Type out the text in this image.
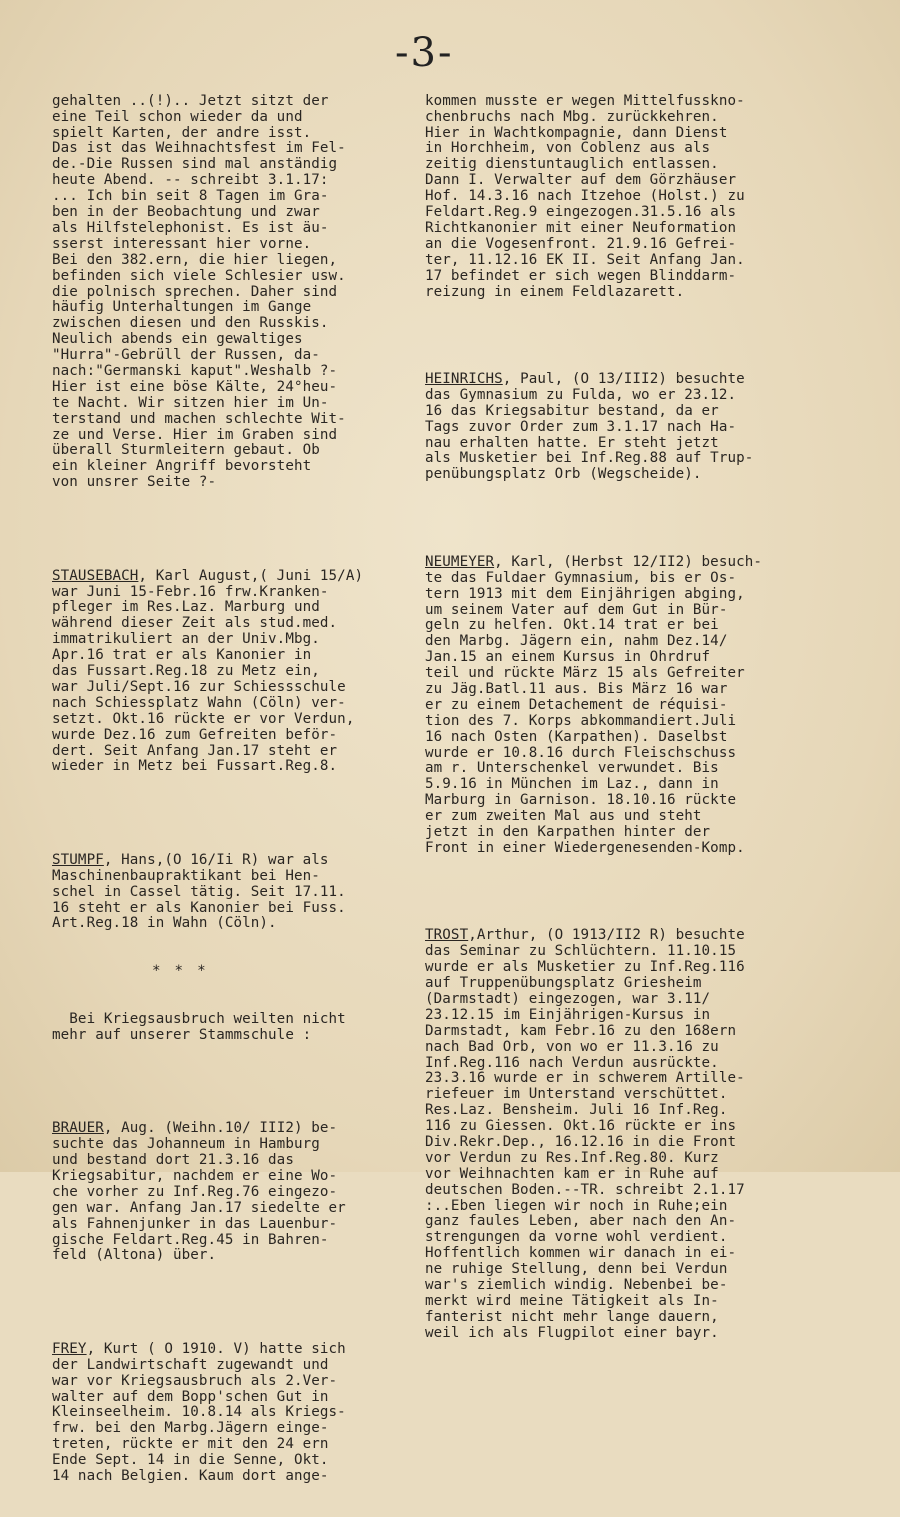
-3-

gehalten ..(!).. Jetzt sitzt der
eine Teil schon wieder da und
spielt Karten, der andre isst.
Das ist das Weihnachtsfest im Fel-
de.-Die Russen sind mal anständig
heute Abend. -- schreibt 3.1.17:
... Ich bin seit 8 Tagen im Gra-
ben in der Beobachtung und zwar
als Hilfstelephonist. Es ist äu-
sserst interessant hier vorne.
Bei den 382.ern, die hier liegen,
befinden sich viele Schlesier usw.
die polnisch sprechen. Daher sind
häufig Unterhaltungen im Gange
zwischen diesen und den Russkis.
Neulich abends ein gewaltiges
"Hurra"-Gebrüll der Russen, da-
nach:"Germanski kaput".Weshalb ?-
Hier ist eine böse Kälte, 24°heu-
te Nacht. Wir sitzen hier im Un-
terstand und machen schlechte Wit-
ze und Verse. Hier im Graben sind
überall Sturmleitern gebaut. Ob
ein kleiner Angriff bevorsteht
von unsrer Seite ?-

STAUSEBACH, Karl August,( Juni 15/A)
war Juni 15-Febr.16 frw.Kranken-
pfleger im Res.Laz. Marburg und
während dieser Zeit als stud.med.
immatrikuliert an der Univ.Mbg.
Apr.16 trat er als Kanonier in
das Fussart.Reg.18 zu Metz ein,
war Juli/Sept.16 zur Schiessschule
nach Schiessplatz Wahn (Cöln) ver-
setzt. Okt.16 rückte er vor Verdun,
wurde Dez.16 zum Gefreiten beför-
dert. Seit Anfang Jan.17 steht er
wieder in Metz bei Fussart.Reg.8.

STUMPF, Hans,(O 16/Ii R) war als
Maschinenbaupraktikant bei Hen-
schel in Cassel tätig. Seit 17.11.
16 steht er als Kanonier bei Fuss.
Art.Reg.18 in Wahn (Cöln).

***

Bei Kriegsausbruch weilten nicht
mehr auf unserer Stammschule :

BRAUER, Aug. (Weihn.10/ III2) be-
suchte das Johanneum in Hamburg
und bestand dort 21.3.16 das
Kriegsabitur, nachdem er eine Wo-
che vorher zu Inf.Reg.76 eingezo-
gen war. Anfang Jan.17 siedelte er
als Fahnenjunker in das Lauenbur-
gische Feldart.Reg.45 in Bahren-
feld (Altona) über.

FREY, Kurt ( O 1910. V) hatte sich
der Landwirtschaft zugewandt und
war vor Kriegsausbruch als 2.Ver-
walter auf dem Bopp'schen Gut in
Kleinseelheim. 10.8.14 als Kriegs-
frw. bei den Marbg.Jägern einge-
treten, rückte er mit den 24 ern
Ende Sept. 14 in die Senne, Okt.
14 nach Belgien. Kaum dort ange-

kommen musste er wegen Mittelfusskno-
chenbruchs nach Mbg. zurückkehren.
Hier in Wachtkompagnie, dann Dienst
in Horchheim, von Coblenz aus als
zeitig dienstuntauglich entlassen.
Dann I. Verwalter auf dem Görzhäuser
Hof. 14.3.16 nach Itzehoe (Holst.) zu
Feldart.Reg.9 eingezogen.31.5.16 als
Richtkanonier mit einer Neuformation
an die Vogesenfront. 21.9.16 Gefrei-
ter, 11.12.16 EK II. Seit Anfang Jan.
17 befindet er sich wegen Blinddarm-
reizung in einem Feldlazarett.

HEINRICHS, Paul, (O 13/III2) besuchte
das Gymnasium zu Fulda, wo er 23.12.
16 das Kriegsabitur bestand, da er
Tags zuvor Order zum 3.1.17 nach Ha-
nau erhalten hatte. Er steht jetzt
als Musketier bei Inf.Reg.88 auf Trup-
penübungsplatz Orb (Wegscheide).

NEUMEYER, Karl, (Herbst 12/II2) besuch-
te das Fuldaer Gymnasium, bis er Os-
tern 1913 mit dem Einjährigen abging,
um seinem Vater auf dem Gut in Bür-
geln zu helfen. Okt.14 trat er bei
den Marbg. Jägern ein, nahm Dez.14/
Jan.15 an einem Kursus in Ohrdruf
teil und rückte März 15 als Gefreiter
zu Jäg.Batl.11 aus. Bis März 16 war
er zu einem Detachement de réquisi-
tion des 7. Korps abkommandiert.Juli
16 nach Osten (Karpathen). Daselbst
wurde er 10.8.16 durch Fleischschuss
am r. Unterschenkel verwundet. Bis
5.9.16 in München im Laz., dann in
Marburg in Garnison. 18.10.16 rückte
er zum zweiten Mal aus und steht
jetzt in den Karpathen hinter der
Front in einer Wiedergenesenden-Komp.

TROST,Arthur, (O 1913/II2 R) besuchte
das Seminar zu Schlüchtern. 11.10.15
wurde er als Musketier zu Inf.Reg.116
auf Truppenübungsplatz Griesheim
(Darmstadt) eingezogen, war 3.11/
23.12.15 im Einjährigen-Kursus in
Darmstadt, kam Febr.16 zu den 168ern
nach Bad Orb, von wo er 11.3.16 zu
Inf.Reg.116 nach Verdun ausrückte.
23.3.16 wurde er in schwerem Artille-
riefeuer im Unterstand verschüttet.
Res.Laz. Bensheim. Juli 16 Inf.Reg.
116 zu Giessen. Okt.16 rückte er ins
Div.Rekr.Dep., 16.12.16 in die Front
vor Verdun zu Res.Inf.Reg.80. Kurz
vor Weihnachten kam er in Ruhe auf
deutschen Boden.--TR. schreibt 2.1.17
:..Eben liegen wir noch in Ruhe;ein
ganz faules Leben, aber nach den An-
strengungen da vorne wohl verdient.
Hoffentlich kommen wir danach in ei-
ne ruhige Stellung, denn bei Verdun
war's ziemlich windig. Nebenbei be-
merkt wird meine Tätigkeit als In-
fanterist nicht mehr lange dauern,
weil ich als Flugpilot einer bayr.
